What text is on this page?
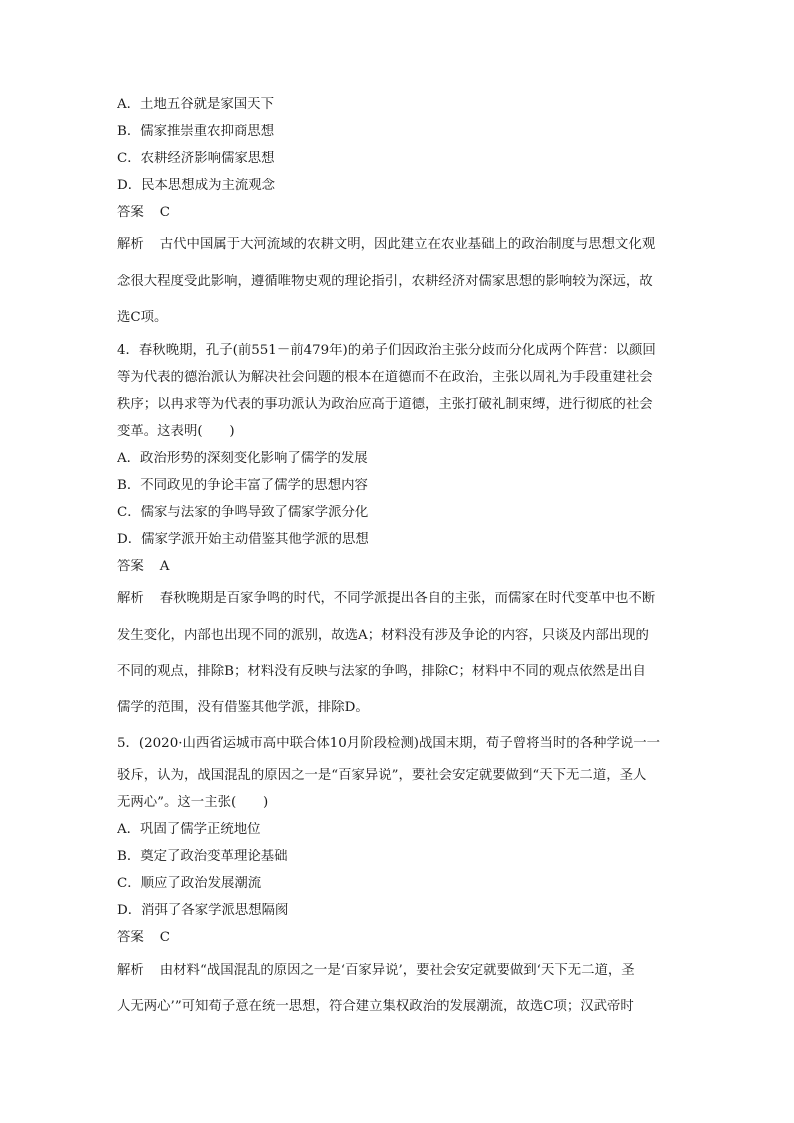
A．土地五谷就是家国天下
B．儒家推崇重农抑商思想
C．农耕经济影响儒家思想
D．民本思想成为主流观念
答案 C
解析 古代中国属于大河流域的农耕文明，因此建立在农业基础上的政治制度与思想文化观
念很大程度受此影响，遵循唯物史观的理论指引，农耕经济对儒家思想的影响较为深远，故
选C项。
4．春秋晚期，孔子(前551－前479年)的弟子们因政治主张分歧而分化成两个阵营：以颜回
等为代表的德治派认为解决社会问题的根本在道德而不在政治，主张以周礼为手段重建社会
秩序；以冉求等为代表的事功派认为政治应高于道德，主张打破礼制束缚，进行彻底的社会
变革。这表明(　　)
A．政治形势的深刻变化影响了儒学的发展
B．不同政见的争论丰富了儒学的思想内容
C．儒家与法家的争鸣导致了儒家学派分化
D．儒家学派开始主动借鉴其他学派的思想
答案 A
解析 春秋晚期是百家争鸣的时代，不同学派提出各自的主张，而儒家在时代变革中也不断
发生变化，内部也出现不同的派别，故选A；材料没有涉及争论的内容，只谈及内部出现的
不同的观点，排除B；材料没有反映与法家的争鸣，排除C；材料中不同的观点依然是出自
儒学的范围，没有借鉴其他学派，排除D。
5．(2020·山西省运城市高中联合体10月阶段检测)战国末期，荀子曾将当时的各种学说一一
驳斥，认为，战国混乱的原因之一是“百家异说”，要社会安定就要做到“天下无二道，圣人
无两心”。这一主张(　　)
A．巩固了儒学正统地位
B．奠定了政治变革理论基础
C．顺应了政治发展潮流
D．消弭了各家学派思想隔阂
答案 C
解析 由材料“战国混乱的原因之一是‘百家异说’，要社会安定就要做到‘天下无二道，圣
人无两心’”可知荀子意在统一思想，符合建立集权政治的发展潮流，故选C项；汉武帝时
